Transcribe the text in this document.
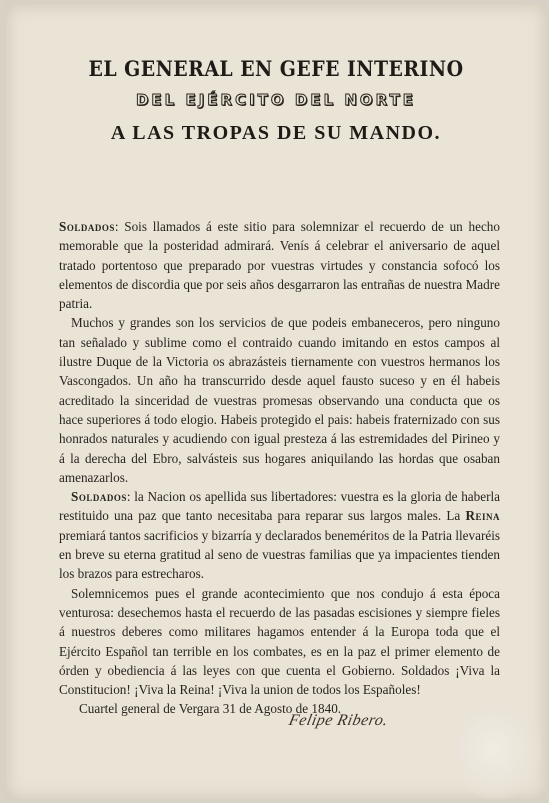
EL GENERAL EN GEFE INTERINO
DEL EJÉRCITO DEL NORTE
A LAS TROPAS DE SU MANDO.

Soldados: Sois llamados á este sitio para solemnizar el recuerdo de un hecho memorable que la posteridad admirará. Venís á celebrar el aniversario de aquel tratado portentoso que preparado por vuestras virtudes y constancia sofocó los elementos de discordia que por seis años desgarraron las entrañas de nuestra Madre patria.

Muchos y grandes son los servicios de que podeis embaneceros, pero ninguno tan señalado y sublime como el contraido cuando imitando en estos campos al ilustre Duque de la Victoria os abrazásteis tiernamente con vuestros hermanos los Vascongados. Un año ha transcurrido desde aquel fausto suceso y en él habeis acreditado la sinceridad de vuestras promesas observando una conducta que os hace superiores á todo elogio. Habeis protegido el pais: habeis fraternizado con sus honrados naturales y acudiendo con igual presteza á las estremidades del Pirineo y á la derecha del Ebro, salvásteis sus hogares aniquilando las hordas que osaban amenazarlos.

Soldados: la Nacion os apellida sus libertadores: vuestra es la gloria de haberla restituido una paz que tanto necesitaba para reparar sus largos males. La Reina premiará tantos sacrificios y bizarría y declarados beneméritos de la Patria llevaréis en breve su eterna gratitud al seno de vuestras familias que ya impacientes tienden los brazos para estrecharos.

Solemnicemos pues el grande acontecimiento que nos condujo á esta época venturosa: desechemos hasta el recuerdo de las pasadas escisiones y siempre fieles á nuestros deberes como militares hagamos entender á la Europa toda que el Ejército Español tan terrible en los combates, es en la paz el primer elemento de órden y obediencia á las leyes con que cuenta el Gobierno. Soldados ¡Viva la Constitucion! ¡Viva la Reina! ¡Viva la union de todos los Españoles!

Cuartel general de Vergara 31 de Agosto de 1840.

Felipe Ribero.
